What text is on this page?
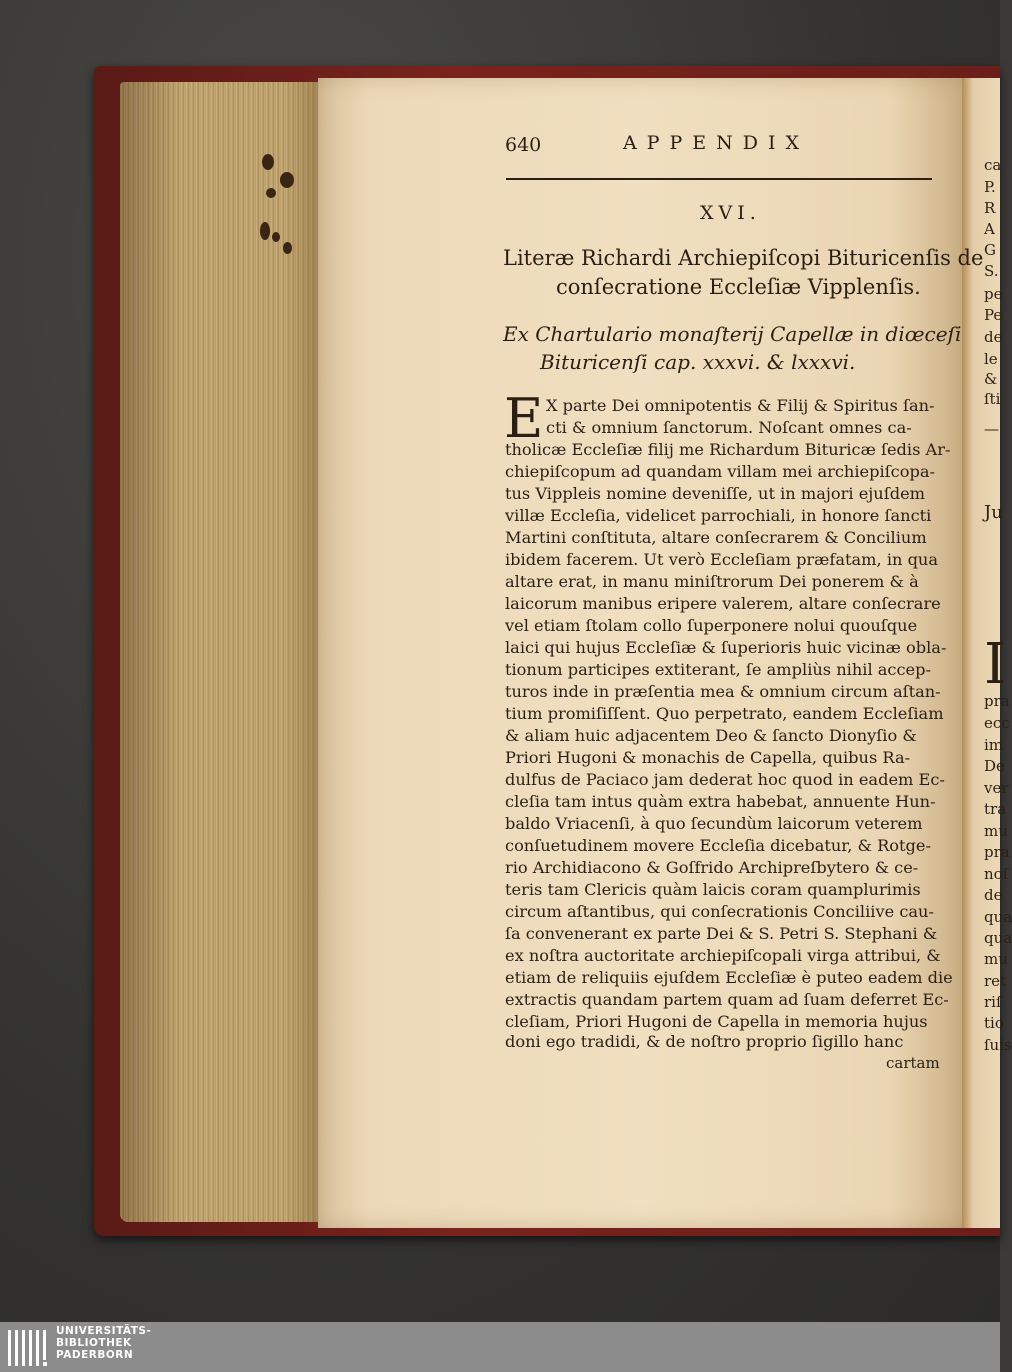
ca
P.
R
A
G
S.
pe
Pe
de
le
&
ſti
—
Ju
I
pra
ecc
im
De
ver
tra
mu
pra
noſ
de
qua
qua
mu
ret
riſ
tio
ſuis
640	APPENDIX
XVI.
Literæ Richardi Archiepiſcopi Bituricenſis de
conſecratione Eccleſiæ Vipplenſis.
Ex Chartulario monaſterij Capellæ in diœceſi
Bituricenſi cap. xxxvi. & lxxxvi.
E X parte Dei omnipotentis & Filij & Spiritus ſan-
cti & omnium ſanctorum. Noſcant omnes ca-
tholicæ Eccleſiæ filij me Richardum Bituricæ ſedis Ar-
chiepiſcopum ad quandam villam mei archiepiſcopa-
tus Vippleis nomine deveniſſe, ut in majori ejuſdem
villæ Eccleſia, videlicet parrochiali, in honore ſancti
Martini conſtituta, altare conſecrarem & Concilium
ibidem facerem. Ut verò Eccleſiam præfatam, in qua
altare erat, in manu miniſtrorum Dei ponerem & à
laicorum manibus eripere valerem, altare conſecrare
vel etiam ſtolam collo ſuperponere nolui quouſque
laici qui hujus Eccleſiæ & ſuperioris huic vicinæ obla-
tionum participes extiterant, ſe ampliùs nihil accep-
turos inde in præſentia mea & omnium circum aſtan-
tium promiſiſſent. Quo perpetrato, eandem Eccleſiam
& aliam huic adjacentem Deo & ſancto Dionyſio &
Priori Hugoni & monachis de Capella, quibus Ra-
dulfus de Paciaco jam dederat hoc quod in eadem Ec-
cleſia tam intus quàm extra habebat, annuente Hun-
baldo Vriacenſi, à quo ſecundùm laicorum veterem
conſuetudinem movere Eccleſia dicebatur, & Rotge-
rio Archidiacono & Goſfrido Archipreſbytero & ce-
teris tam Clericis quàm laicis coram quamplurimis
circum aſtantibus, qui conſecrationis Conciliive cau-
ſa convenerant ex parte Dei & S. Petri S. Stephani &
ex noſtra auctoritate archiepiſcopali virga attribui, &
etiam de reliquiis ejuſdem Eccleſiæ è puteo eadem die
extractis quandam partem quam ad ſuam deferret Ec-
cleſiam, Priori Hugoni de Capella in memoria hujus
doni ego tradidi, & de noſtro proprio ſigillo hanc
cartam
UNIVERSITÄTS-
BIBLIOTHEK
PADERBORN
